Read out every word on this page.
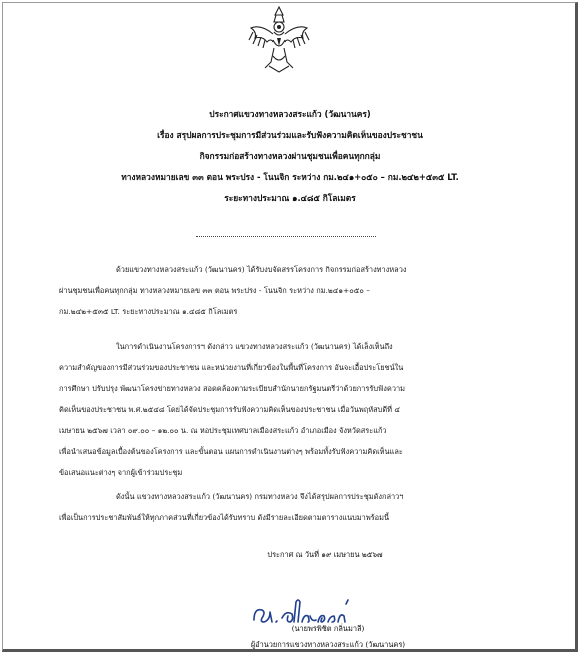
ประกาศแขวงทางหลวงสระแก้ว (วัฒนานคร)
เรื่อง สรุปผลการประชุมการมีส่วนร่วมและรับฟังความคิดเห็นของประชาชน
กิจกรรมก่อสร้างทางหลวงผ่านชุมชนเพื่อคนทุกกลุ่ม
ทางหลวงหมายเลข ๓๓ ตอน พระปรง - โนนจิก ระหว่าง กม.๒๔๑+๐๕๐ – กม.๒๔๒+๕๓๕ LT.
ระยะทางประมาณ ๑.๔๘๕ กิโลเมตร
ด้วยแขวงทางหลวงสระแก้ว (วัฒนานคร) ได้รับงบจัดสรรโครงการ กิจกรรมก่อสร้างทางหลวง
ผ่านชุมชนเพื่อคนทุกกลุ่ม ทางหลวงหมายเลข ๓๓ ตอน พระปรง - โนนจิก ระหว่าง กม.๒๔๑+๐๕๐ –
กม.๒๔๒+๕๓๕ LT. ระยะทางประมาณ ๑.๔๘๕ กิโลเมตร
ในการดำเนินงานโครงการฯ ดังกล่าว แขวงทางหลวงสระแก้ว (วัฒนานคร) ได้เล็งเห็นถึง
ความสำคัญของการมีส่วนร่วมของประชาชน และหน่วยงานที่เกี่ยวข้องในพื้นที่โครงการ อันจะเอื้อประโยชน์ใน
การศึกษา ปรับปรุง พัฒนาโครงข่ายทางหลวง สอดคล้องตามระเบียบสำนักนายกรัฐมนตรีว่าด้วยการรับฟังความ
คิดเห็นของประชาชน พ.ศ.๒๕๔๘ โดยได้จัดประชุมการรับฟังความคิดเห็นของประชาชน เมื่อวันพฤหัสบดีที่ ๔
เมษายน ๒๕๖๗ เวลา ๐๙.๐๐ – ๑๒.๐๐ น. ณ หอประชุมเทศบาลเมืองสระแก้ว อำเภอเมือง จังหวัดสระแก้ว
เพื่อนำเสนอข้อมูลเบื้องต้นของโครงการ และขั้นตอน แผนการดำเนินงานต่างๆ พร้อมทั้งรับฟังความคิดเห็นและ
ข้อเสนอแนะต่างๆ จากผู้เข้าร่วมประชุม
ดังนั้น แขวงทางหลวงสระแก้ว (วัฒนานคร) กรมทางหลวง จึงได้สรุปผลการประชุมดังกล่าวฯ
เพื่อเป็นการประชาสัมพันธ์ให้ทุกภาคส่วนที่เกี่ยวข้องได้รับทราบ ดังมีรายละเอียดตามตารางแนบมาพร้อมนี้
ประกาศ ณ วันที่ ๑๙ เมษายน ๒๕๖๗
(นายพรพิชิต กลิ่นมาลี)
ผู้อำนวยการแขวงทางหลวงสระแก้ว (วัฒนานคร)
